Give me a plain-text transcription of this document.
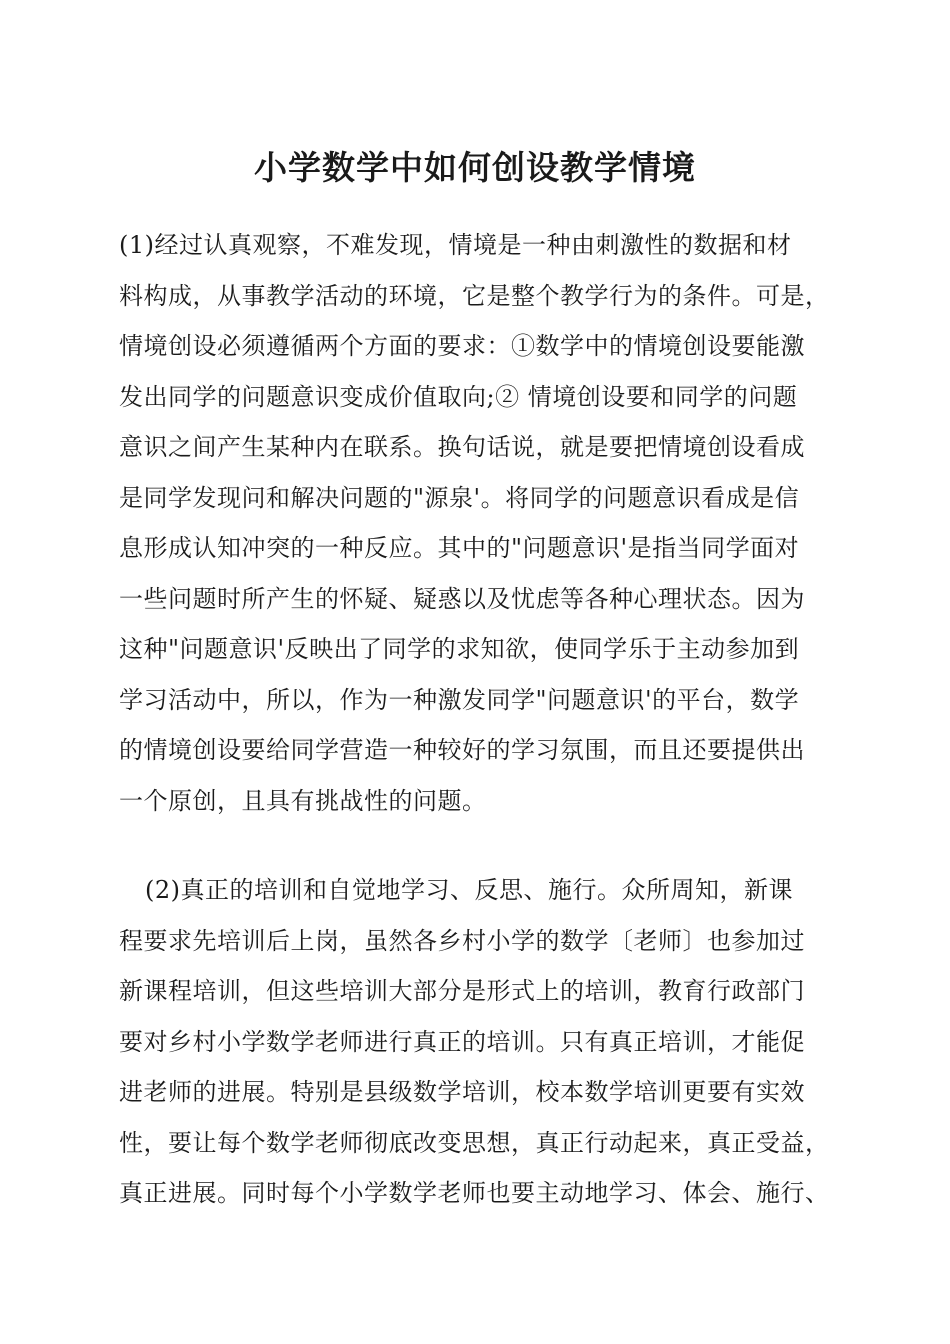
小学数学中如何创设教学情境
(1)经过认真观察，不难发现，情境是一种由刺激性的数据和材
料构成，从事教学活动的环境，它是整个教学行为的条件。可是，
情境创设必须遵循两个方面的要求：①数学中的情境创设要能激
发出同学的问题意识变成价值取向;② 情境创设要和同学的问题
意识之间产生某种内在联系。换句话说，就是要把情境创设看成
是同学发现问和解决问题的"源泉'。将同学的问题意识看成是信
息形成认知冲突的一种反应。其中的"问题意识'是指当同学面对
一些问题时所产生的怀疑、疑惑以及忧虑等各种心理状态。因为
这种"问题意识'反映出了同学的求知欲，使同学乐于主动参加到
学习活动中，所以，作为一种激发同学"问题意识'的平台，数学
的情境创设要给同学营造一种较好的学习氛围，而且还要提供出
一个原创，且具有挑战性的问题。
(2)真正的培训和自觉地学习、反思、施行。众所周知，新课
程要求先培训后上岗，虽然各乡村小学的数学〔老师〕也参加过
新课程培训，但这些培训大部分是形式上的培训，教育行政部门
要对乡村小学数学老师进行真正的培训。只有真正培训，才能促
进老师的进展。特别是县级数学培训，校本数学培训更要有实效
性，要让每个数学老师彻底改变思想，真正行动起来，真正受益，
真正进展。同时每个小学数学老师也要主动地学习、体会、施行、
